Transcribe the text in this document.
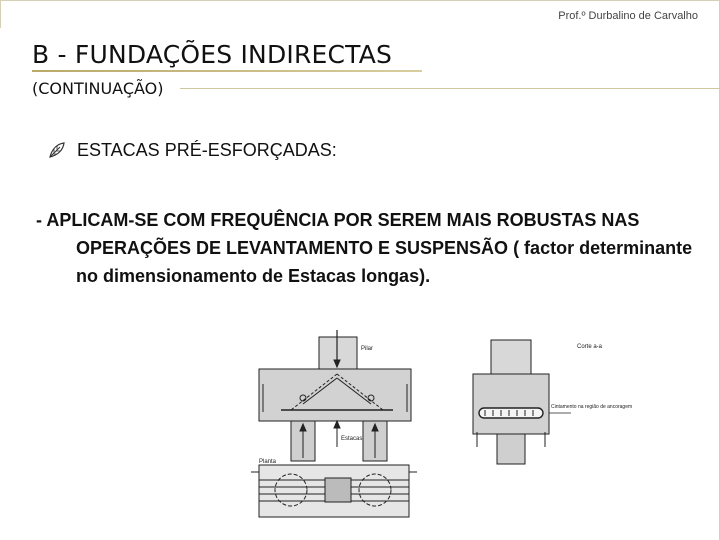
Prof.º Durbalino de Carvalho
B - FUNDAÇÕES INDIRECTAS
(CONTINUAÇÃO)
ESTACAS PRÉ-ESFORÇADAS:
- APLICAM-SE COM FREQUÊNCIA POR SEREM MAIS ROBUSTAS NAS OPERAÇÕES DE LEVANTAMENTO E SUSPENSÃO ( factor determinante no dimensionamento de Estacas longas).
Pilar
Estacas
Planta
Corte a-a
Cintamento na região de ancoragem
